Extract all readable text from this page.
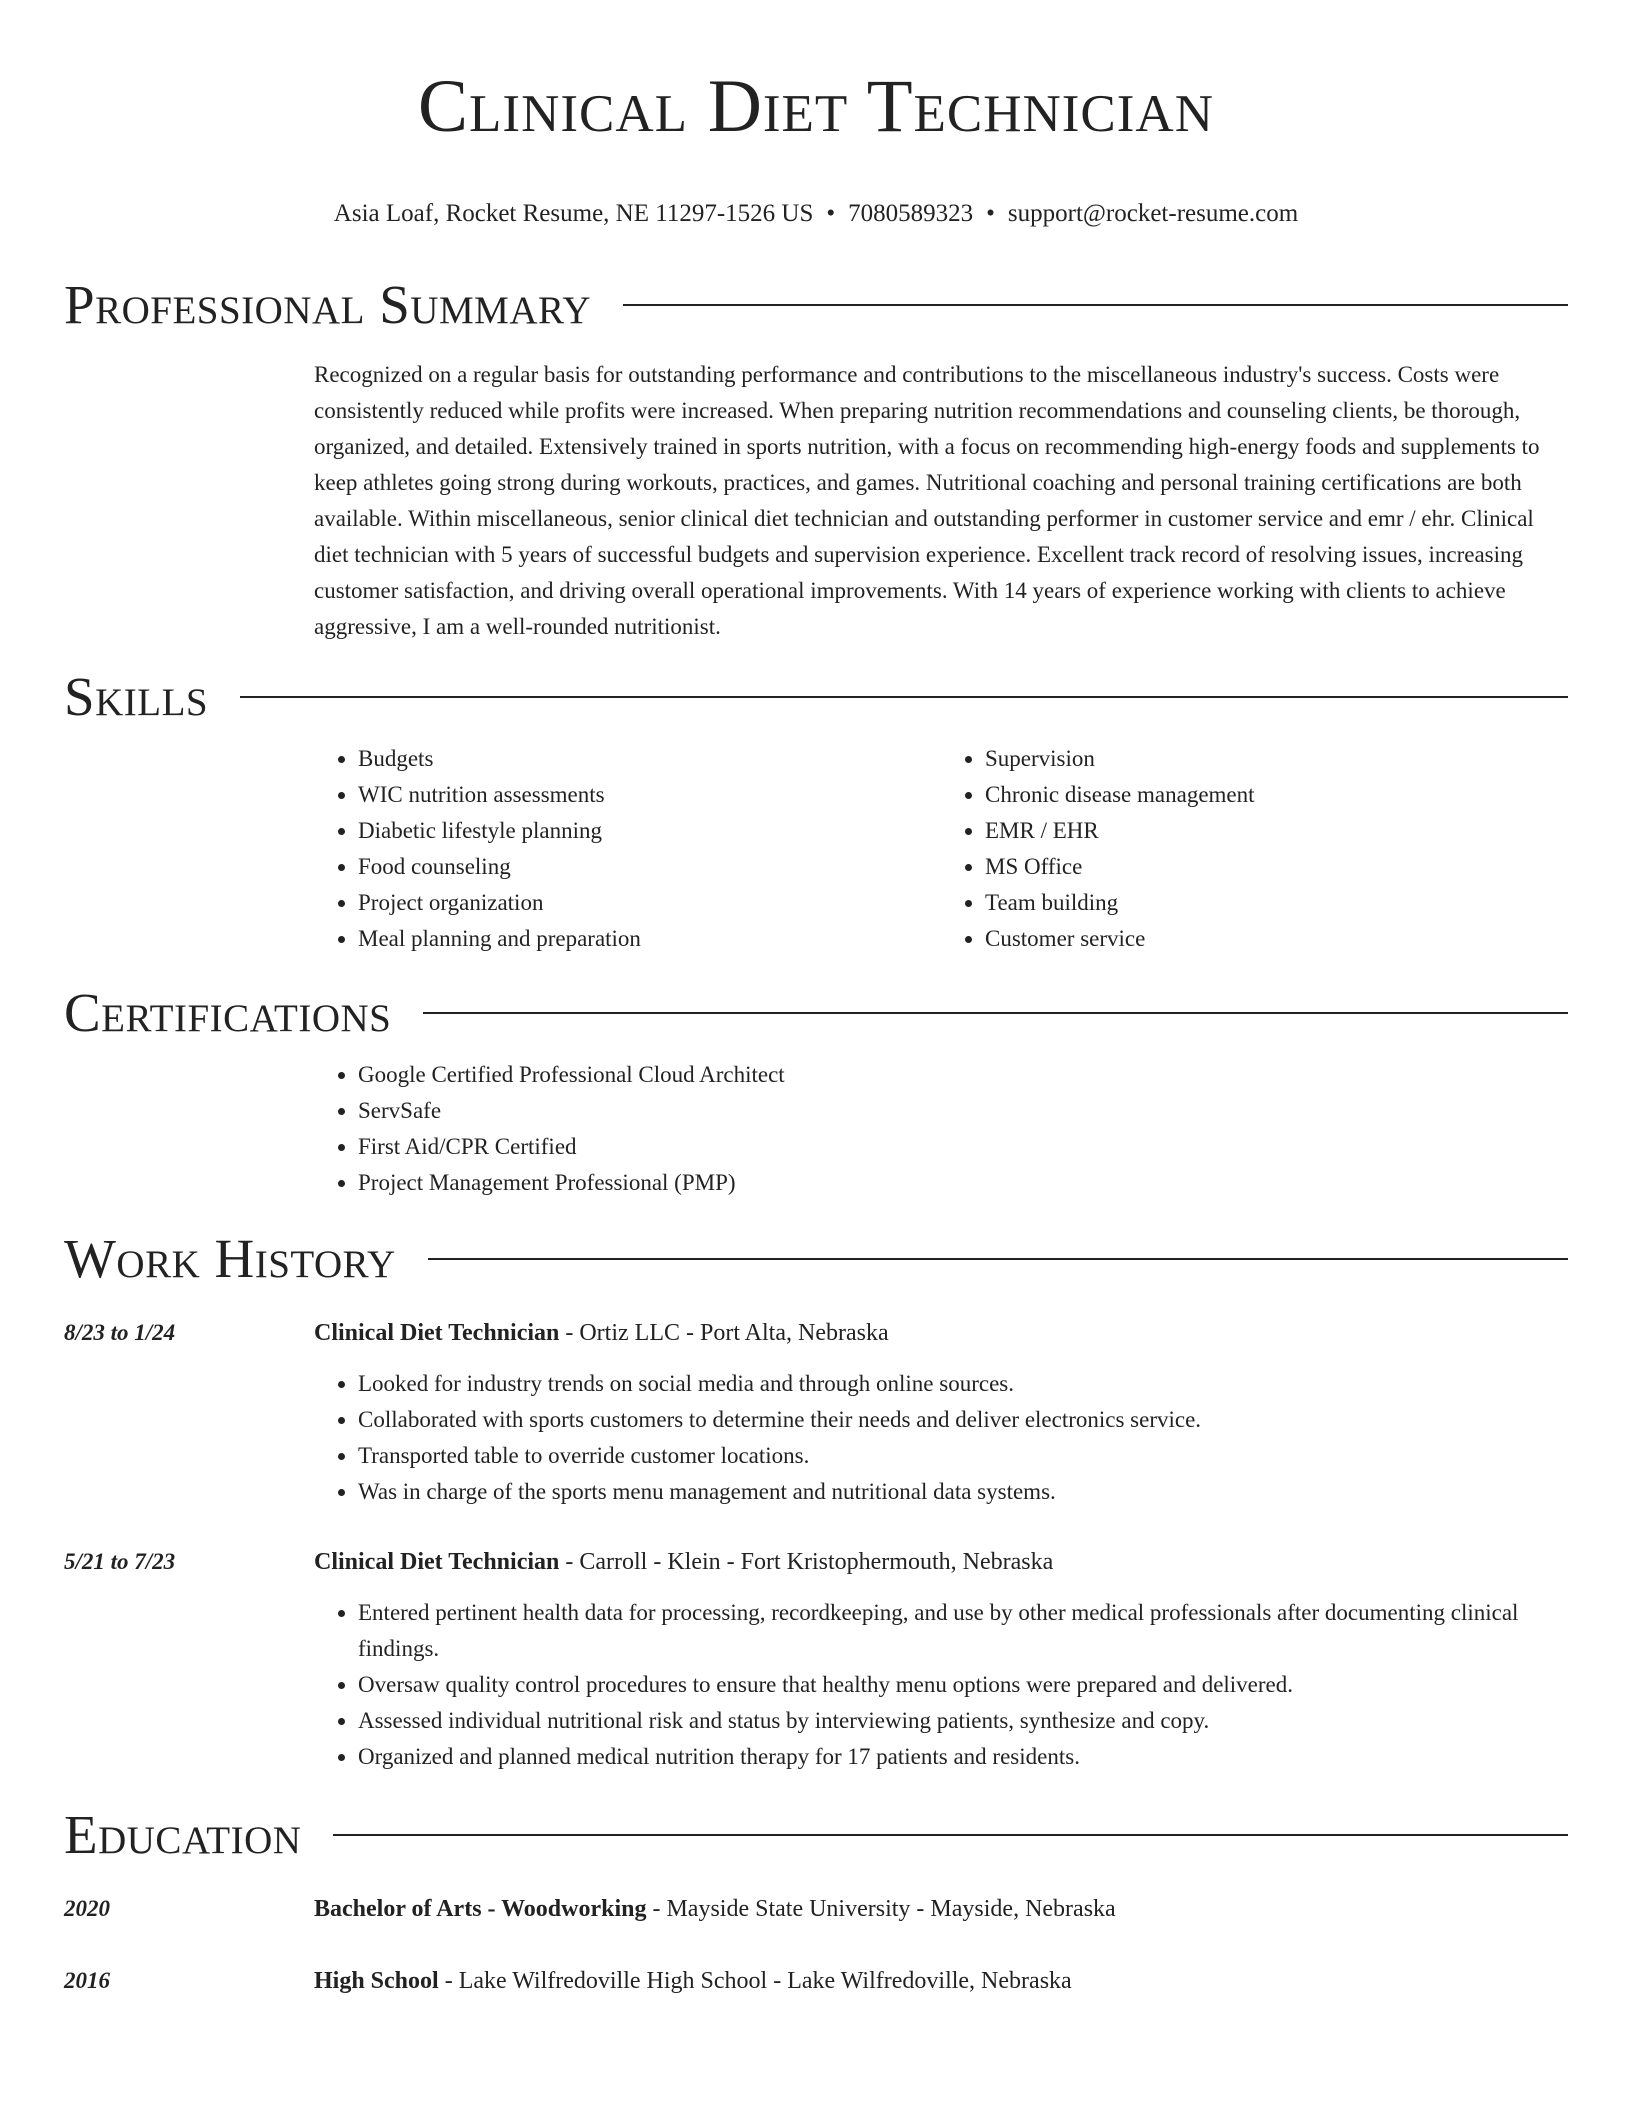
Clinical Diet Technician
Asia Loaf, Rocket Resume, NE 11297-1526 US • 7080589323 • support@rocket-resume.com
Professional Summary
Recognized on a regular basis for outstanding performance and contributions to the miscellaneous industry's success. Costs were consistently reduced while profits were increased. When preparing nutrition recommendations and counseling clients, be thorough, organized, and detailed. Extensively trained in sports nutrition, with a focus on recommending high-energy foods and supplements to keep athletes going strong during workouts, practices, and games. Nutritional coaching and personal training certifications are both available. Within miscellaneous, senior clinical diet technician and outstanding performer in customer service and emr / ehr. Clinical diet technician with 5 years of successful budgets and supervision experience. Excellent track record of resolving issues, increasing customer satisfaction, and driving overall operational improvements. With 14 years of experience working with clients to achieve aggressive, I am a well-rounded nutritionist.
Skills
• Budgets
• WIC nutrition assessments
• Diabetic lifestyle planning
• Food counseling
• Project organization
• Meal planning and preparation
• Supervision
• Chronic disease management
• EMR / EHR
• MS Office
• Team building
• Customer service
Certifications
• Google Certified Professional Cloud Architect
• ServSafe
• First Aid/CPR Certified
• Project Management Professional (PMP)
Work History
8/23 to 1/24	Clinical Diet Technician - Ortiz LLC - Port Alta, Nebraska
• Looked for industry trends on social media and through online sources.
• Collaborated with sports customers to determine their needs and deliver electronics service.
• Transported table to override customer locations.
• Was in charge of the sports menu management and nutritional data systems.
5/21 to 7/23	Clinical Diet Technician - Carroll - Klein - Fort Kristophermouth, Nebraska
• Entered pertinent health data for processing, recordkeeping, and use by other medical professionals after documenting clinical findings.
• Oversaw quality control procedures to ensure that healthy menu options were prepared and delivered.
• Assessed individual nutritional risk and status by interviewing patients, synthesize and copy.
• Organized and planned medical nutrition therapy for 17 patients and residents.
Education
2020	Bachelor of Arts - Woodworking - Mayside State University - Mayside, Nebraska
2016	High School - Lake Wilfredoville High School - Lake Wilfredoville, Nebraska
